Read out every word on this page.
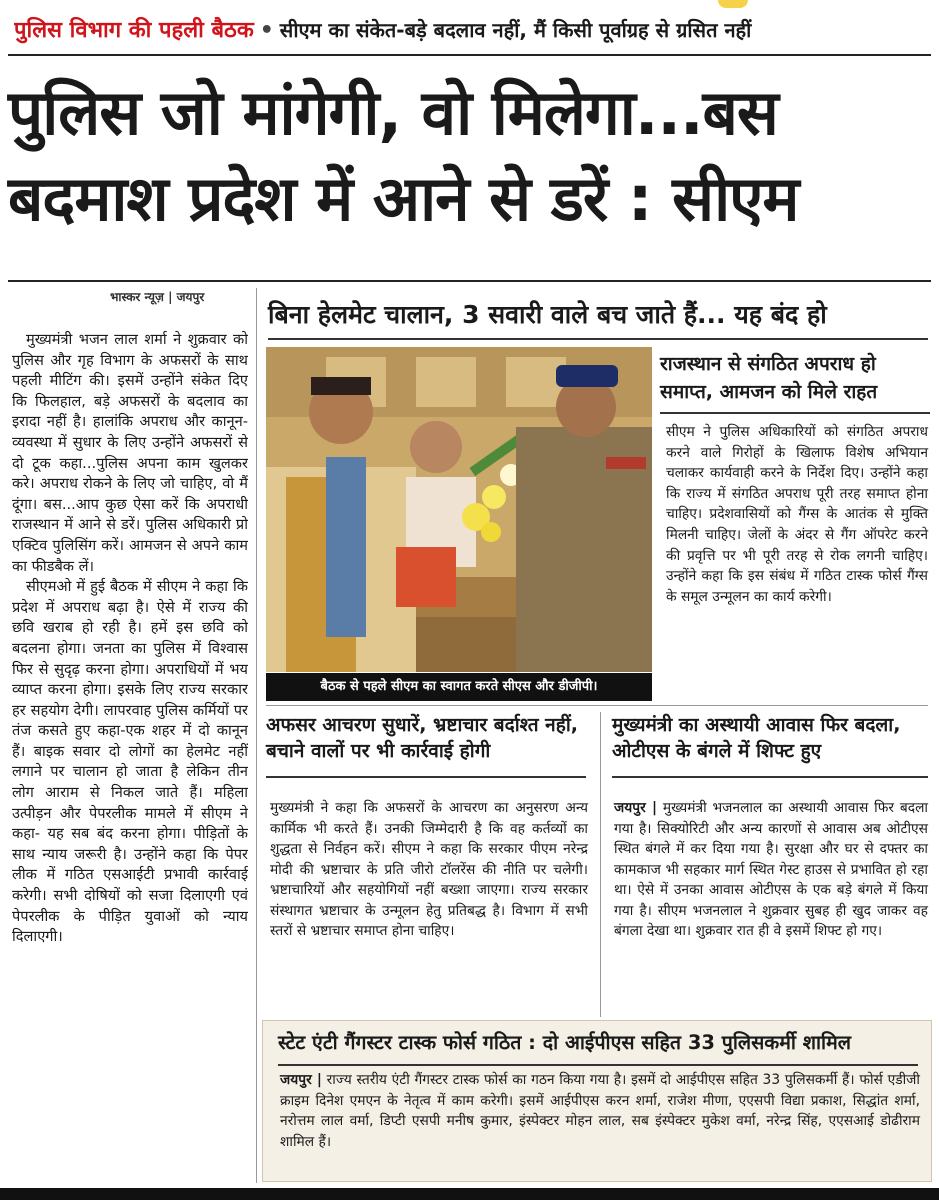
पुलिस विभाग की पहली बैठक • सीएम का संकेत-बड़े बदलाव नहीं, मैं किसी पूर्वाग्रह से ग्रसित नहीं
पुलिस जो मांगेगी, वो मिलेगा...बस
बदमाश प्रदेश में आने से डरें : सीएम
भास्कर न्यूज़ | जयपुर

मुख्यमंत्री भजन लाल शर्मा ने शुक्रवार को पुलिस और गृह विभाग के अफसरों के साथ पहली मीटिंग की। इसमें उन्होंने संकेत दिए कि फिलहाल, बड़े अफसरों के बदलाव का इरादा नहीं है। हालांकि अपराध और कानून-व्यवस्था में सुधार के लिए उन्होंने अफसरों से दो टूक कहा...पुलिस अपना काम खुलकर करे। अपराध रोकने के लिए जो चाहिए, वो मैं दूंगा। बस...आप कुछ ऐसा करें कि अपराधी राजस्थान में आने से डरें। पुलिस अधिकारी प्रो एक्टिव पुलिसिंग करें। आमजन से अपने काम का फीडबैक लें।

सीएमओ में हुई बैठक में सीएम ने कहा कि प्रदेश में अपराध बढ़ा है। ऐसे में राज्य की छवि खराब हो रही है। हमें इस छवि को बदलना होगा। जनता का पुलिस में विश्वास फिर से सुदृढ़ करना होगा। अपराधियों में भय व्याप्त करना होगा। इसके लिए राज्य सरकार हर सहयोग देगी। लापरवाह पुलिस कर्मियों पर तंज कसते हुए कहा-एक शहर में दो कानून हैं। बाइक सवार दो लोगों का हेलमेट नहीं लगाने पर चालान हो जाता है लेकिन तीन लोग आराम से निकल जाते हैं। महिला उत्पीड़न और पेपरलीक मामले में सीएम ने कहा- यह सब बंद करना होगा। पीड़ितों के साथ न्याय जरूरी है। उन्होंने कहा कि पेपर लीक में गठित एसआईटी प्रभावी कार्रवाई करेगी। सभी दोषियों को सजा दिलाएगी एवं पेपरलीक के पीड़ित युवाओं को न्याय दिलाएगी।

बिना हेलमेट चालान, 3 सवारी वाले बच जाते हैं... यह बंद हो
बैठक से पहले सीएम का स्वागत करते सीएस और डीजीपी।
राजस्थान से संगठित अपराध हो समाप्त, आमजन को मिले राहत
सीएम ने पुलिस अधिकारियों को संगठित अपराध करने वाले गिरोहों के खिलाफ विशेष अभियान चलाकर कार्यवाही करने के निर्देश दिए। उन्होंने कहा कि राज्य में संगठित अपराध पूरी तरह समाप्त होना चाहिए। प्रदेशवासियों को गैंग्स के आतंक से मुक्ति मिलनी चाहिए। जेलों के अंदर से गैंग ऑपरेट करने की प्रवृत्ति पर भी पूरी तरह से रोक लगनी चाहिए। उन्होंने कहा कि इस संबंध में गठित टास्क फोर्स गैंग्स के समूल उन्मूलन का कार्य करेगी।
अफसर आचरण सुधारें, भ्रष्टाचार बर्दाश्त नहीं, बचाने वालों पर भी कार्रवाई होगी
मुख्यमंत्री ने कहा कि अफसरों के आचरण का अनुसरण अन्य कार्मिक भी करते हैं। उनकी जिम्मेदारी है कि वह कर्तव्यों का शुद्धता से निर्वहन करें। सीएम ने कहा कि सरकार पीएम नरेन्द्र मोदी की भ्रष्टाचार के प्रति जीरो टॉलरेंस की नीति पर चलेगी। भ्रष्टाचारियों और सहयोगियों नहीं बख्शा जाएगा। राज्य सरकार संस्थागत भ्रष्टाचार के उन्मूलन हेतु प्रतिबद्ध है। विभाग में सभी स्तरों से भ्रष्टाचार समाप्त होना चाहिए।
मुख्यमंत्री का अस्थायी आवास फिर बदला, ओटीएस के बंगले में शिफ्ट हुए
जयपुर | मुख्यमंत्री भजनलाल का अस्थायी आवास फिर बदला गया है। सिक्योरिटी और अन्य कारणों से आवास अब ओटीएस स्थित बंगले में कर दिया गया है। सुरक्षा और घर से दफ्तर का कामकाज भी सहकार मार्ग स्थित गेस्ट हाउस से प्रभावित हो रहा था। ऐसे में उनका आवास ओटीएस के एक बड़े बंगले में किया गया है। सीएम भजनलाल ने शुक्रवार सुबह ही खुद जाकर वह बंगला देखा था। शुक्रवार रात ही वे इसमें शिफ्ट हो गए।
स्टेट एंटी गैंगस्टर टास्क फोर्स गठित : दो आईपीएस सहित 33 पुलिसकर्मी शामिल
जयपुर | राज्य स्तरीय एंटी गैंगस्टर टास्क फोर्स का गठन किया गया है। इसमें दो आईपीएस सहित 33 पुलिसकर्मी हैं। फोर्स एडीजी क्राइम दिनेश एमएन के नेतृत्व में काम करेगी। इसमें आईपीएस करन शर्मा, राजेश मीणा, एएसपी विद्या प्रकाश, सिद्धांत शर्मा, नरोत्तम लाल वर्मा, डिप्टी एसपी मनीष कुमार, इंस्पेक्टर मोहन लाल, सब इंस्पेक्टर मुकेश वर्मा, नरेन्द्र सिंह, एएसआई डोढीराम शामिल हैं।
